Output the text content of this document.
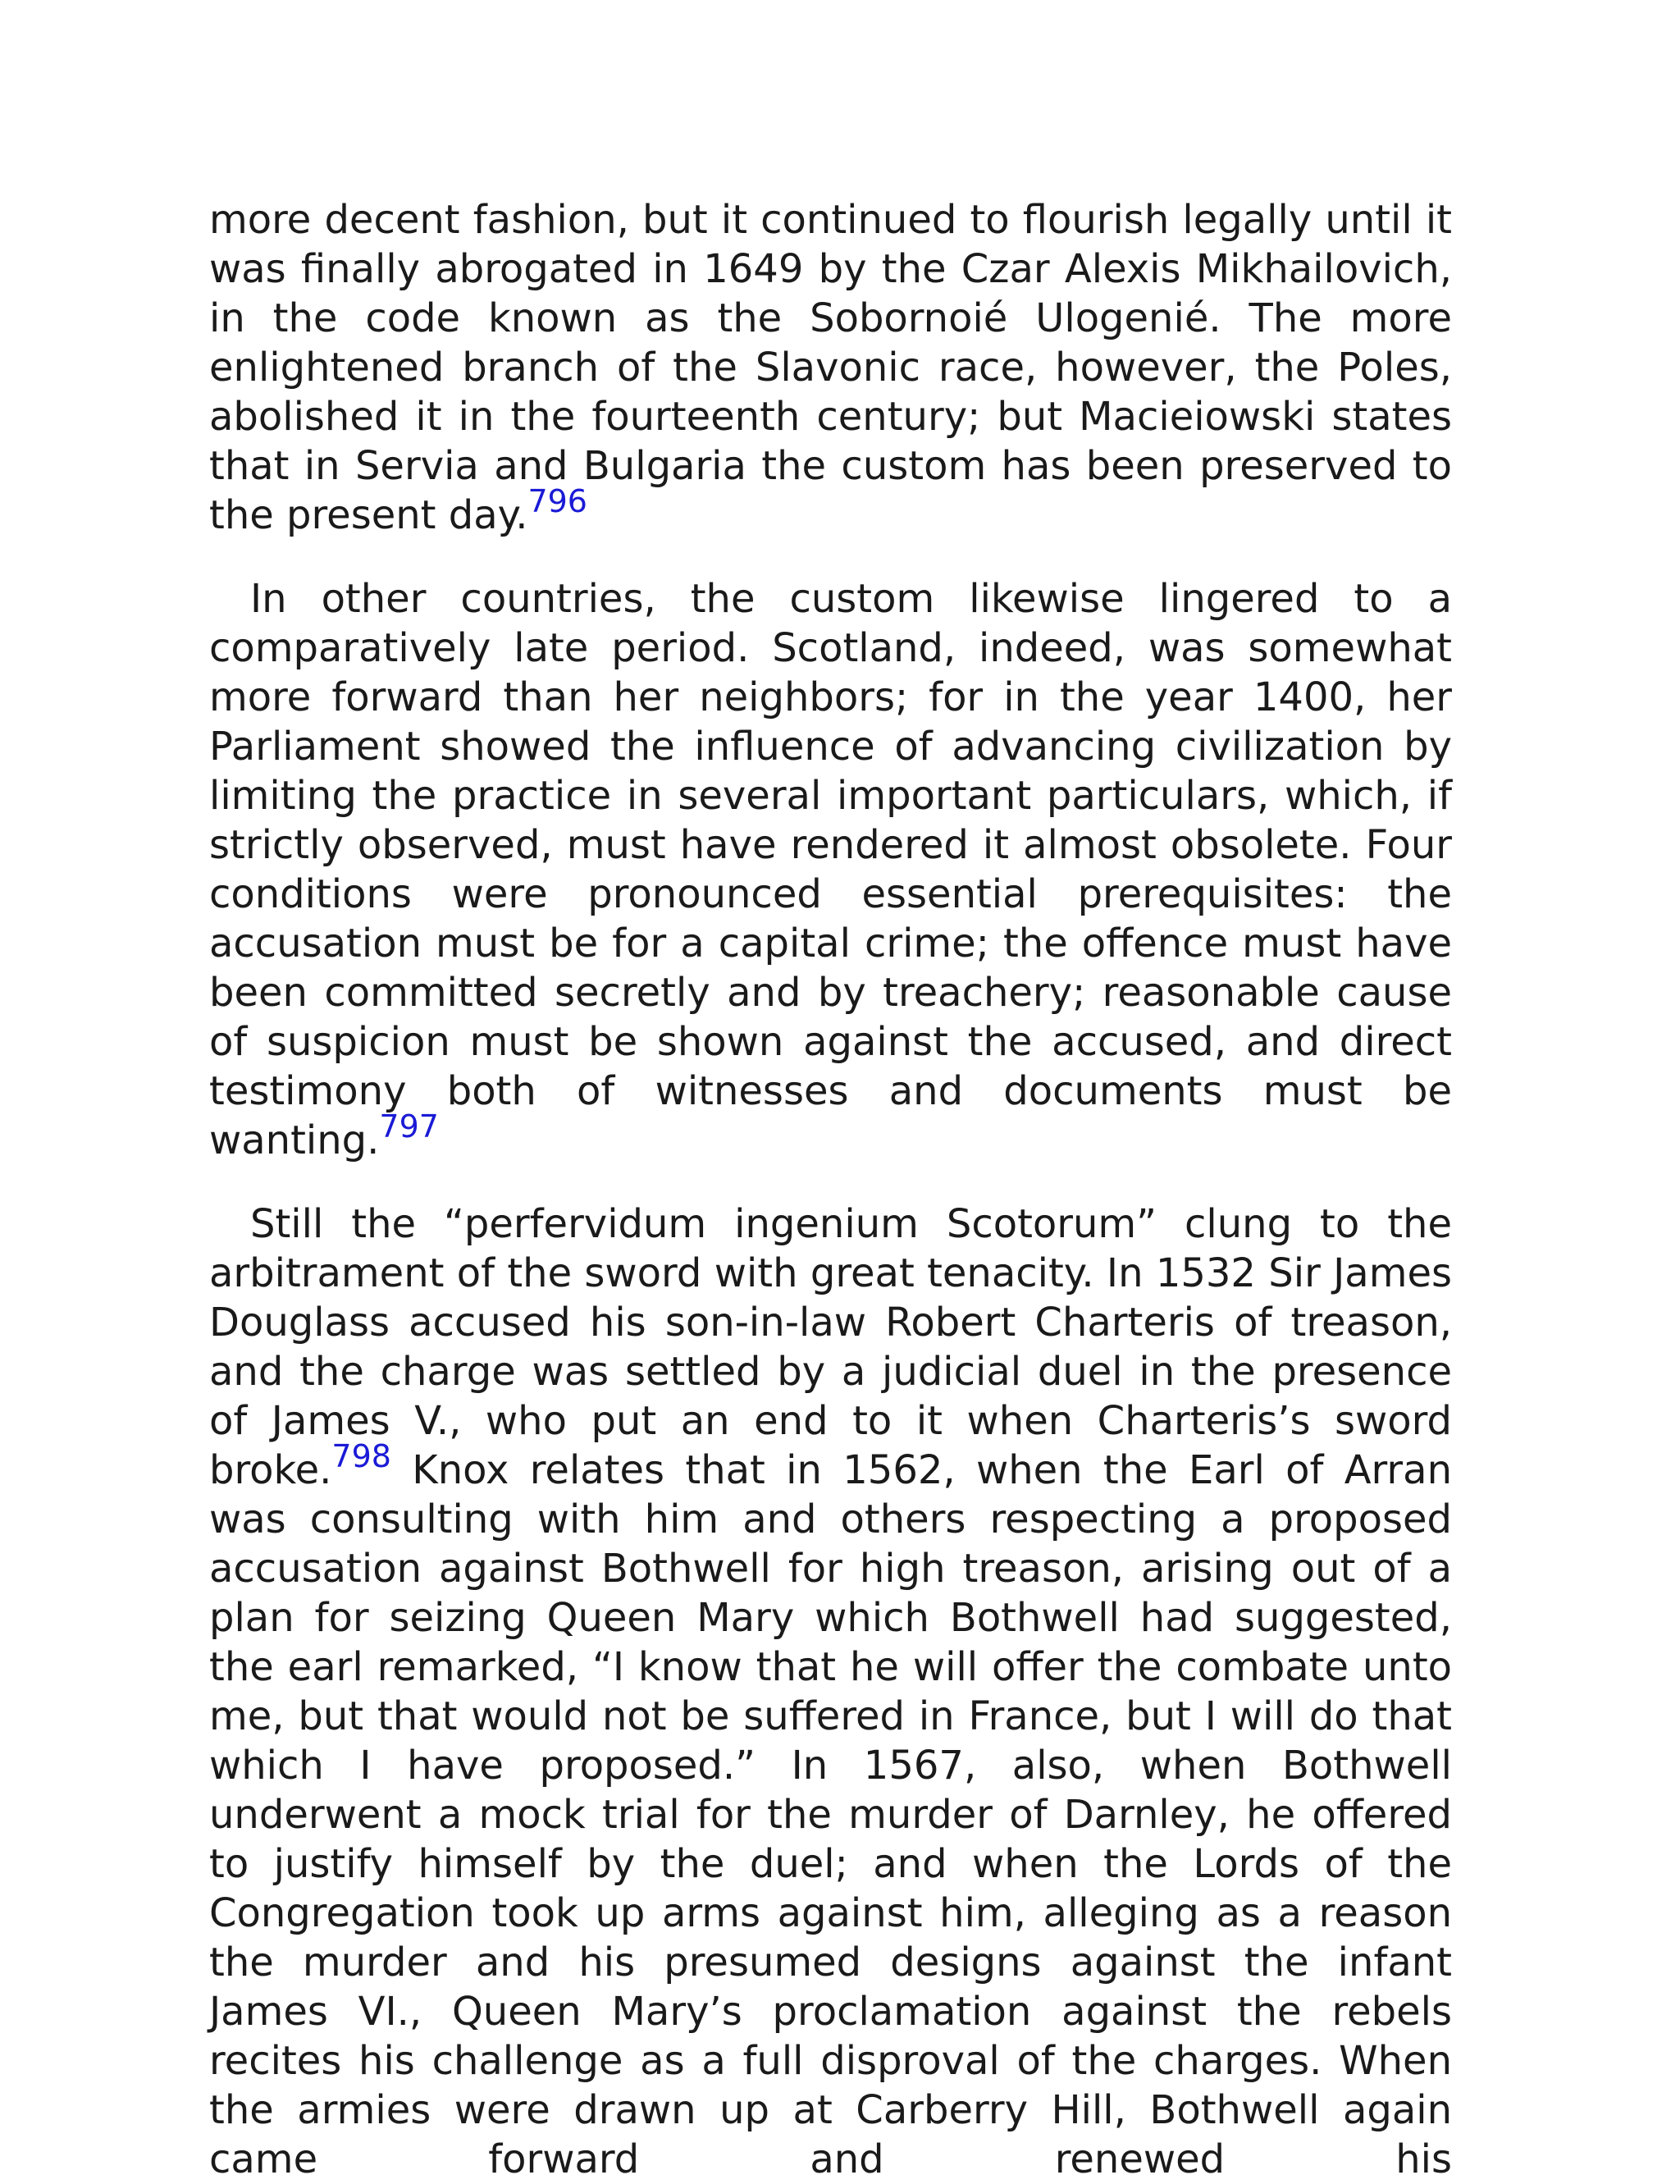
more decent fashion, but it continued to flourish legally until it was finally abrogated in 1649 by the Czar Alexis Mikhailovich, in the code known as the Sobornoié Ulogenié. The more enlightened branch of the Slavonic race, however, the Poles, abolished it in the fourteenth century; but Macieiowski states that in Servia and Bulgaria the custom has been preserved to the present day.$^{796}$

In other countries, the custom likewise lingered to a comparatively late period. Scotland, indeed, was somewhat more forward than her neighbors; for in the year 1400, her Parliament showed the influence of advancing civilization by limiting the practice in several important particulars, which, if strictly observed, must have rendered it almost obsolete. Four conditions were pronounced essential prerequisites: the accusation must be for a capital crime; the offence must have been committed secretly and by treachery; reasonable cause of suspicion must be shown against the accused, and direct testimony both of witnesses and documents must be wanting.$^{797}$

Still the “perfervidum ingenium Scotorum” clung to the arbitrament of the sword with great tenacity. In 1532 Sir James Douglass accused his son-in-law Robert Charteris of treason, and the charge was settled by a judicial duel in the presence of James V., who put an end to it when Charteris’s sword broke.$^{798}$ Knox relates that in 1562, when the Earl of Arran was consulting with him and others respecting a proposed accusation against Bothwell for high treason, arising out of a plan for seizing Queen Mary which Bothwell had suggested, the earl remarked, “I know that he will offer the combate unto me, but that would not be suffered in France, but I will do that which I have proposed.” In 1567, also, when Bothwell underwent a mock trial for the murder of Darnley, he offered to justify himself by the duel; and when the Lords of the Congregation took up arms against him, alleging as a reason the murder and his presumed designs against the infant James VI., Queen Mary’s proclamation against the rebels recites his challenge as a full disproval of the charges. When the armies were drawn up at Carberry Hill, Bothwell again came forward and renewed his
